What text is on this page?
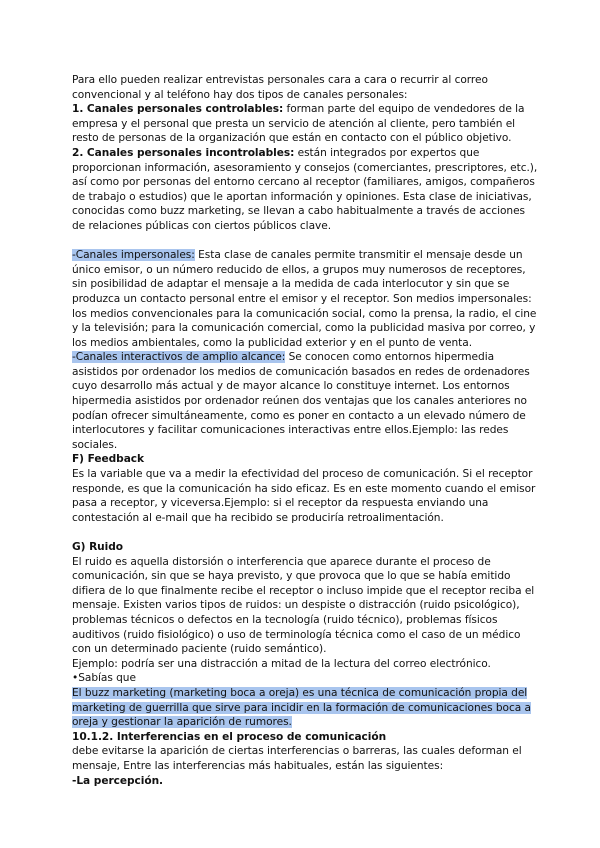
Para ello pueden realizar entrevistas personales cara a cara o recurrir al correo convencional y al teléfono hay dos tipos de canales personales:

1. Canales personales controlables: forman parte del equipo de vendedores de la empresa y el personal que presta un servicio de atención al cliente, pero también el resto de personas de la organización que están en contacto con el público objetivo.

2. Canales personales incontrolables: están integrados por expertos que proporcionan información, asesoramiento y consejos (comerciantes, prescriptores, etc.), así como por personas del entorno cercano al receptor (familiares, amigos, compañeros de trabajo o estudios) que le aportan información y opiniones. Esta clase de iniciativas, conocidas como buzz marketing, se llevan a cabo habitualmente a través de acciones de relaciones públicas con ciertos públicos clave.

-Canales impersonales: Esta clase de canales permite transmitir el mensaje desde un único emisor, o un número reducido de ellos, a grupos muy numerosos de receptores, sin posibilidad de adaptar el mensaje a la medida de cada interlocutor y sin que se produzca un contacto personal entre el emisor y el receptor. Son medios impersonales: los medios convencionales para la comunicación social, como la prensa, la radio, el cine y la televisión; para la comunicación comercial, como la publicidad masiva por correo, y los medios ambientales, como la publicidad exterior y en el punto de venta.

-Canales interactivos de amplio alcance: Se conocen como entornos hipermedia asistidos por ordenador los medios de comunicación basados en redes de ordenadores cuyo desarrollo más actual y de mayor alcance lo constituye internet. Los entornos hipermedia asistidos por ordenador reúnen dos ventajas que los canales anteriores no podían ofrecer simultáneamente, como es poner en contacto a un elevado número de interlocutores y facilitar comunicaciones interactivas entre ellos.Ejemplo: las redes sociales.

F) Feedback

Es la variable que va a medir la efectividad del proceso de comunicación. Si el receptor responde, es que la comunicación ha sido eficaz. Es en este momento cuando el emisor pasa a receptor, y viceversa.Ejemplo: si el receptor da respuesta enviando una contestación al e-mail que ha recibido se produciría retroalimentación.

G) Ruido

El ruido es aquella distorsión o interferencia que aparece durante el proceso de comunicación, sin que se haya previsto, y que provoca que lo que se había emitido difiera de lo que finalmente recibe el receptor o incluso impide que el receptor reciba el mensaje. Existen varios tipos de ruidos: un despiste o distracción (ruido psicológico), problemas técnicos o defectos en la tecnología (ruido técnico), problemas físicos auditivos (ruido fisiológico) o uso de terminología técnica como el caso de un médico con un determinado paciente (ruido semántico).

Ejemplo: podría ser una distracción a mitad de la lectura del correo electrónico.

•Sabías que

El buzz marketing (marketing boca a oreja) es una técnica de comunicación propia del marketing de guerrilla que sirve para incidir en la formación de comunicaciones boca a oreja y gestionar la aparición de rumores.

10.1.2. Interferencias en el proceso de comunicación

debe evitarse la aparición de ciertas interferencias o barreras, las cuales deforman el mensaje, Entre las interferencias más habituales, están las siguientes:

-La percepción.
